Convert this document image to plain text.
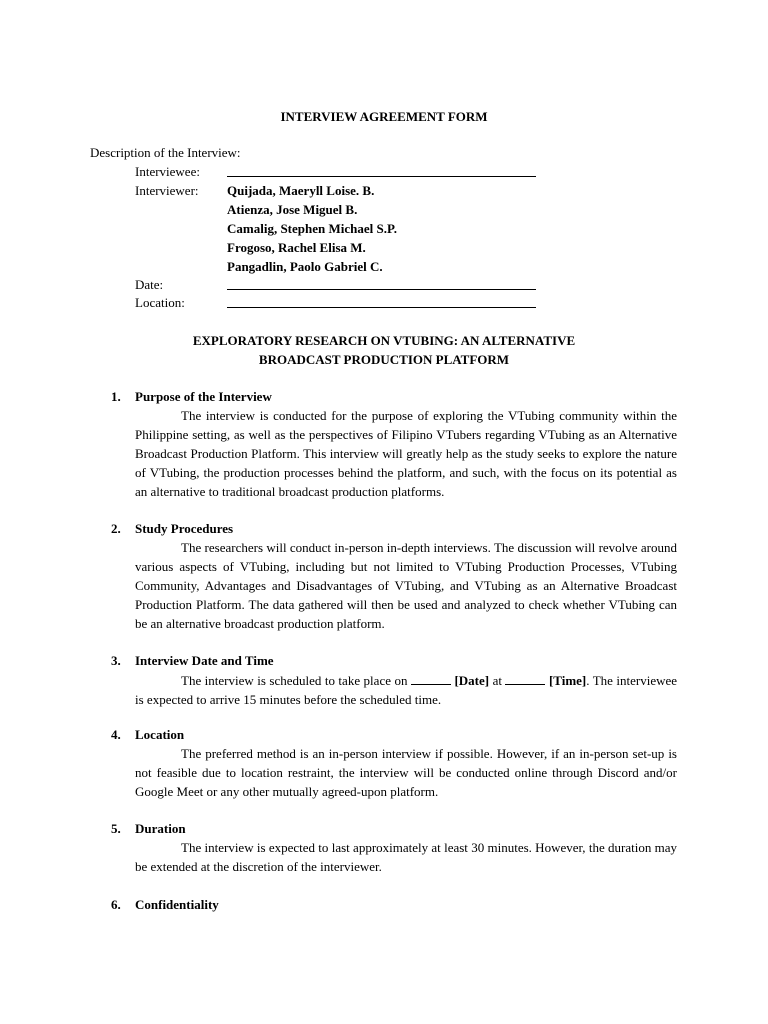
INTERVIEW AGREEMENT FORM
Description of the Interview:
Interviewee:
Interviewer: Quijada, Maeryll Loise. B.
Atienza, Jose Miguel B.
Camalig, Stephen Michael S.P.
Frogoso, Rachel Elisa M.
Pangadlin, Paolo Gabriel C.
Date:
Location:
EXPLORATORY RESEARCH ON VTUBING: AN ALTERNATIVE
BROADCAST PRODUCTION PLATFORM
1. Purpose of the Interview
The interview is conducted for the purpose of exploring the VTubing community within the Philippine setting, as well as the perspectives of Filipino VTubers regarding VTubing as an Alternative Broadcast Production Platform. This interview will greatly help as the study seeks to explore the nature of VTubing, the production processes behind the platform, and such, with the focus on its potential as an alternative to traditional broadcast production platforms.
2. Study Procedures
The researchers will conduct in-person in-depth interviews. The discussion will revolve around various aspects of VTubing, including but not limited to VTubing Production Processes, VTubing Community, Advantages and Disadvantages of VTubing, and VTubing as an Alternative Broadcast Production Platform. The data gathered will then be used and analyzed to check whether VTubing can be an alternative broadcast production platform.
3. Interview Date and Time
The interview is scheduled to take place on	[Date] at	[Time]. The interviewee is expected to arrive 15 minutes before the scheduled time.
4. Location
The preferred method is an in-person interview if possible. However, if an in-person set-up is not feasible due to location restraint, the interview will be conducted online through Discord and/or Google Meet or any other mutually agreed-upon platform.
5. Duration
The interview is expected to last approximately at least 30 minutes. However, the duration may be extended at the discretion of the interviewer.
6. Confidentiality
